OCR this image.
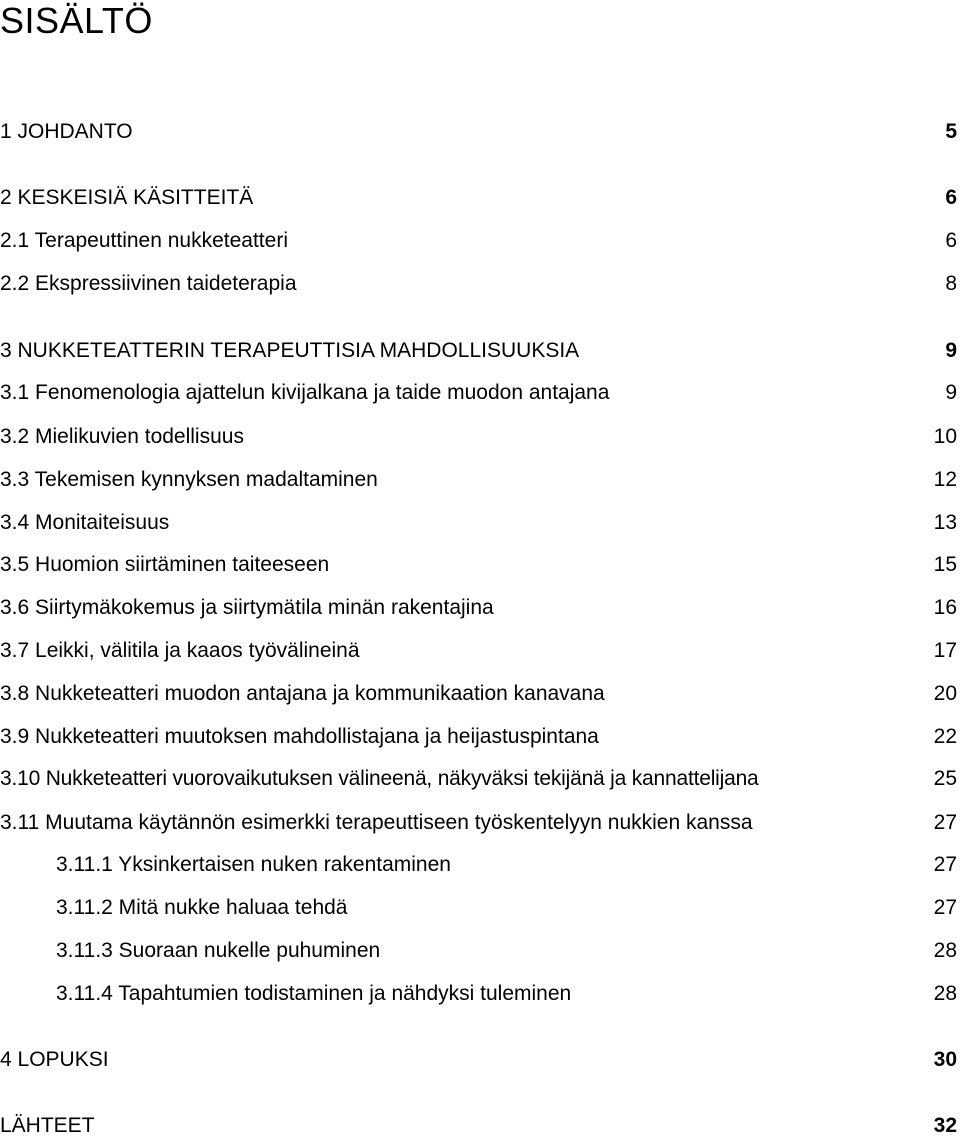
SISÄLTÖ
1 JOHDANTO	5
2 KESKEISIÄ KÄSITTEITÄ	6
2.1 Terapeuttinen nukketeatteri	6
2.2 Ekspressiivinen taideterapia	8
3 NUKKETEATTERIN TERAPEUTTISIA MAHDOLLISUUKSIA	9
3.1 Fenomenologia ajattelun kivijalkana ja taide muodon antajana	9
3.2 Mielikuvien todellisuus	10
3.3 Tekemisen kynnyksen madaltaminen	12
3.4 Monitaiteisuus	13
3.5 Huomion siirtäminen taiteeseen	15
3.6 Siirtymäkokemus ja siirtymätila minän rakentajina	16
3.7 Leikki, välitila ja kaaos työvälineinä	17
3.8 Nukketeatteri muodon antajana ja kommunikaation kanavana	20
3.9 Nukketeatteri muutoksen mahdollistajana ja heijastuspintana	22
3.10 Nukketeatteri vuorovaikutuksen välineenä, näkyväksi tekijänä ja kannattelijana	25
3.11 Muutama käytännön esimerkki terapeuttiseen työskentelyyn nukkien kanssa	27
3.11.1 Yksinkertaisen nuken rakentaminen	27
3.11.2 Mitä nukke haluaa tehdä	27
3.11.3 Suoraan nukelle puhuminen	28
3.11.4 Tapahtumien todistaminen ja nähdyksi tuleminen	28
4 LOPUKSI	30
LÄHTEET	32
